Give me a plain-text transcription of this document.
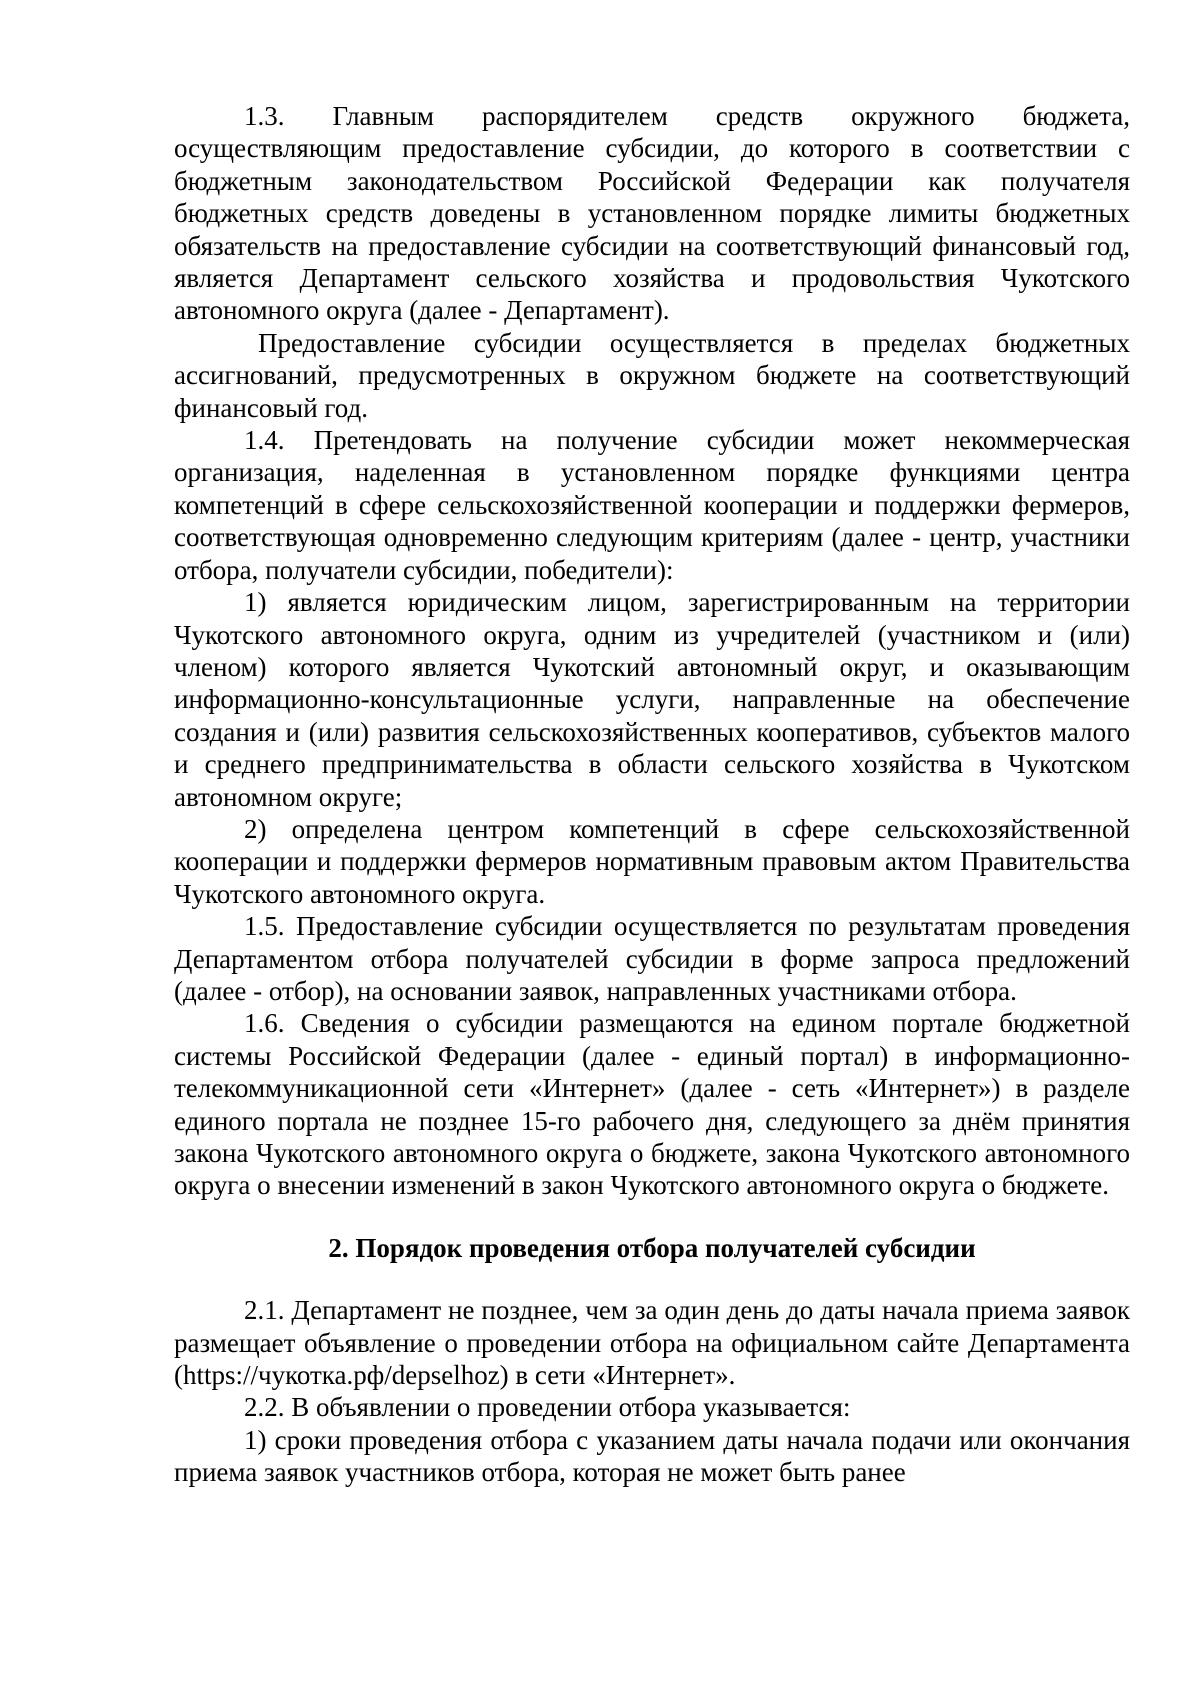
1.3. Главным распорядителем средств окружного бюджета, осуществляющим предоставление субсидии, до которого в соответствии с бюджетным законодательством Российской Федерации как получателя бюджетных средств доведены в установленном порядке лимиты бюджетных обязательств на предоставление субсидии на соответствующий финансовый год, является Департамент сельского хозяйства и продовольствия Чукотского автономного округа (далее - Департамент).

Предоставление субсидии осуществляется в пределах бюджетных ассигнований, предусмотренных в окружном бюджете на соответствующий финансовый год.

1.4. Претендовать на получение субсидии может некоммерческая организация, наделенная в установленном порядке функциями центра компетенций в сфере сельскохозяйственной кооперации и поддержки фермеров, соответствующая одновременно следующим критериям (далее - центр, участники отбора, получатели субсидии, победители):

1) является юридическим лицом, зарегистрированным на территории Чукотского автономного округа, одним из учредителей (участником и (или) членом) которого является Чукотский автономный округ, и оказывающим информационно-консультационные услуги, направленные на обеспечение создания и (или) развития сельскохозяйственных кооперативов, субъектов малого и среднего предпринимательства в области сельского хозяйства в Чукотском автономном округе;

2) определена центром компетенций в сфере сельскохозяйственной кооперации и поддержки фермеров нормативным правовым актом Правительства Чукотского автономного округа.

1.5. Предоставление субсидии осуществляется по результатам проведения Департаментом отбора получателей субсидии в форме запроса предложений (далее - отбор), на основании заявок, направленных участниками отбора.

1.6. Сведения о субсидии размещаются на едином портале бюджетной системы Российской Федерации (далее - единый портал) в информационно-телекоммуникационной сети «Интернет» (далее - сеть «Интернет») в разделе единого портала не позднее 15-го рабочего дня, следующего за днём принятия закона Чукотского автономного округа о бюджете, закона Чукотского автономного округа о внесении изменений в закон Чукотского автономного округа о бюджете.

2. Порядок проведения отбора получателей субсидии

2.1. Департамент не позднее, чем за один день до даты начала приема заявок размещает объявление о проведении отбора на официальном сайте Департамента (https://чукотка.рф/depselhoz) в сети «Интернет».

2.2. В объявлении о проведении отбора указывается:

1) сроки проведения отбора с указанием даты начала подачи или окончания приема заявок участников отбора, которая не может быть ранее
